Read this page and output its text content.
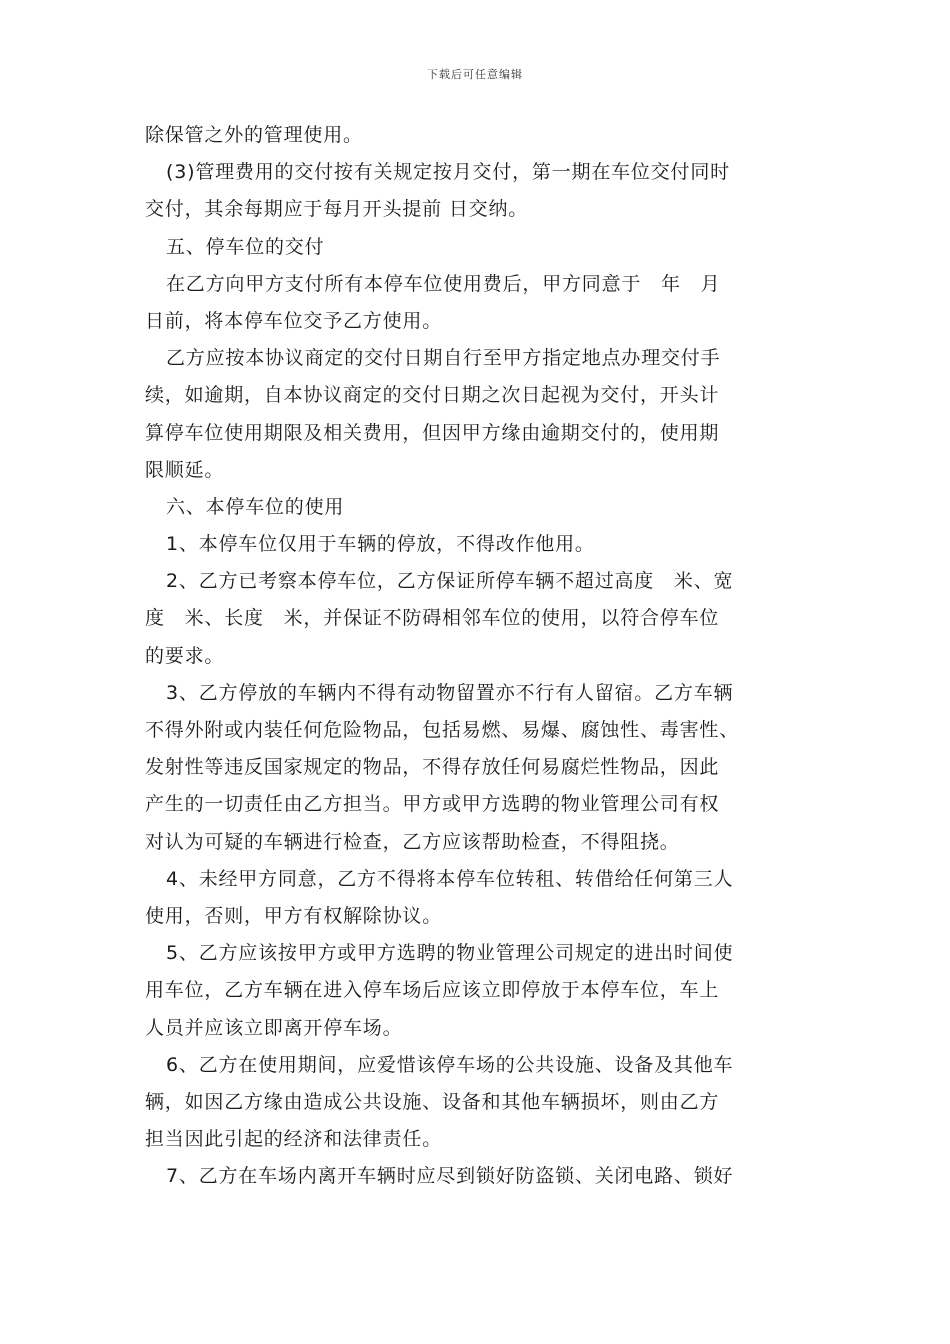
下载后可任意编辑
除保管之外的管理使用。
(3)管理费用的交付按有关规定按月交付，第一期在车位交付同时
交付，其余每期应于每月开头提前 日交纳。
五、停车位的交付
在乙方向甲方支付所有本停车位使用费后，甲方同意于　年　月
日前，将本停车位交予乙方使用。
乙方应按本协议商定的交付日期自行至甲方指定地点办理交付手
续，如逾期，自本协议商定的交付日期之次日起视为交付，开头计
算停车位使用期限及相关费用，但因甲方缘由逾期交付的，使用期
限顺延。
六、本停车位的使用
1、本停车位仅用于车辆的停放，不得改作他用。
2、乙方已考察本停车位，乙方保证所停车辆不超过高度　米、宽
度　米、长度　米，并保证不防碍相邻车位的使用，以符合停车位
的要求。
3、乙方停放的车辆内不得有动物留置亦不行有人留宿。乙方车辆
不得外附或内装任何危险物品，包括易燃、易爆、腐蚀性、毒害性、
发射性等违反国家规定的物品，不得存放任何易腐烂性物品，因此
产生的一切责任由乙方担当。甲方或甲方选聘的物业管理公司有权
对认为可疑的车辆进行检查，乙方应该帮助检查，不得阻挠。
4、未经甲方同意，乙方不得将本停车位转租、转借给任何第三人
使用，否则，甲方有权解除协议。
5、乙方应该按甲方或甲方选聘的物业管理公司规定的进出时间使
用车位，乙方车辆在进入停车场后应该立即停放于本停车位，车上
人员并应该立即离开停车场。
6、乙方在使用期间，应爱惜该停车场的公共设施、设备及其他车
辆，如因乙方缘由造成公共设施、设备和其他车辆损坏，则由乙方
担当因此引起的经济和法律责任。
7、乙方在车场内离开车辆时应尽到锁好防盗锁、关闭电路、锁好
